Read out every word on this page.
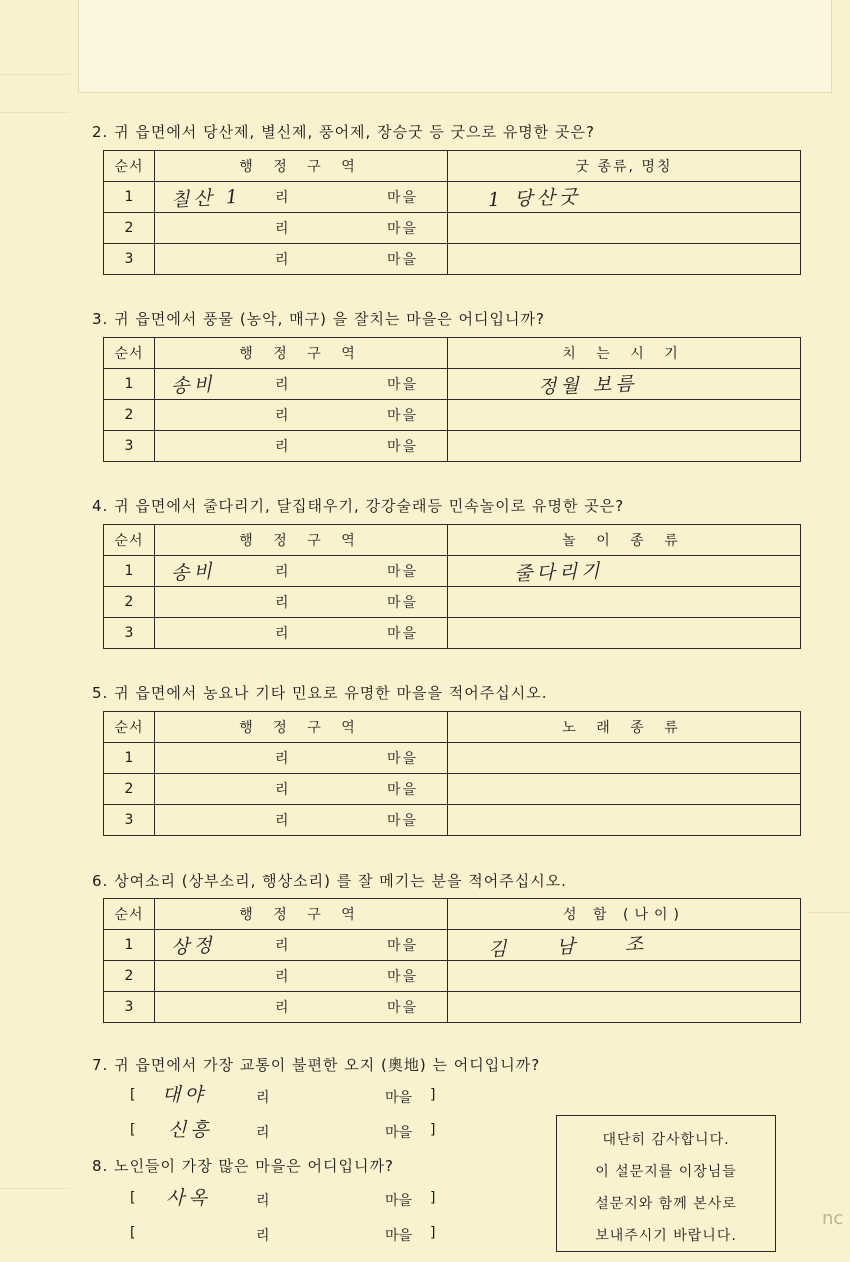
2. 귀 읍면에서 당산제, 별신제, 풍어제, 장승굿 등 굿으로 유명한 곳은?
순서	행 정 구 역	굿 종류, 명칭
1	칠산 1 리 마을	1 당산굿

2	리 마을	

3	리 마을	

3. 귀 읍면에서 풍물 (농악, 매구) 을 잘치는 마을은 어디입니까?
순서	행 정 구 역	치 는 시 기
1	송비 리 마을	정월 보름

2	리 마을	

3	리 마을	

4. 귀 읍면에서 줄다리기, 달집태우기, 강강술래등 민속놀이로 유명한 곳은?
순서	행 정 구 역	놀 이 종 류
1	송비 리 마을	줄다리기

2	리 마을	

3	리 마을	

5. 귀 읍면에서 농요나 기타 민요로 유명한 마을을 적어주십시오.
순서	행 정 구 역	노 래 종 류
1	리 마을	

2	리 마을	

3	리 마을	

6. 상여소리 (상부소리, 행상소리) 를 잘 메기는 분을 적어주십시오.
순서	행 정 구 역	성 함 (나이)
1	상정 리 마을	김 남 조

2	리 마을	

3	리 마을	

7. 귀 읍면에서 가장 교통이 불편한 오지 (奧地) 는 어디입니까?
[ 대야	리	마을 ]
[ 신흥	리	마을 ]
8. 노인들이 가장 많은 마을은 어디입니까?
[ 사옥	리	마을 ]
[	리	마을 ]
대단히 감사합니다.
이 설문지를 이장님들
설문지와 함께 본사로
보내주시기 바랍니다.
nc
